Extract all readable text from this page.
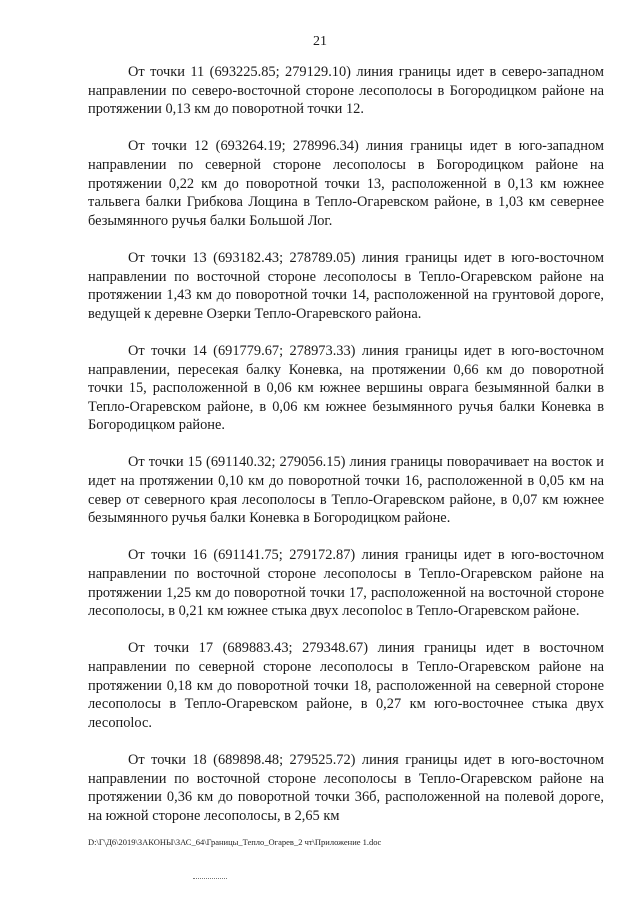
21

От точки 11 (693225.85; 279129.10) линия границы идет в северо-западном направлении по северо-восточной стороне лесополосы в Богородицком районе на протяжении 0,13 км до поворотной точки 12.

От точки 12 (693264.19; 278996.34) линия границы идет в юго-западном направлении по северной стороне лесополосы в Богородицком районе на протяжении 0,22 км до поворотной точки 13, расположенной в 0,13 км южнее тальвега балки Грибкова Лощина в Тепло-Огаревском районе, в 1,03 км севернее безымянного ручья балки Большой Лог.

От точки 13 (693182.43; 278789.05) линия границы идет в юго-восточном направлении по восточной стороне лесополосы в Тепло-Огаревском районе на протяжении 1,43 км до поворотной точки 14, расположенной на грунтовой дороге, ведущей к деревне Озерки Тепло-Огаревского района.

От точки 14 (691779.67; 278973.33) линия границы идет в юго-восточном направлении, пересекая балку Коневка, на протяжении 0,66 км до поворотной точки 15, расположенной в 0,06 км южнее вершины оврага безымянной балки в Тепло-Огаревском районе, в 0,06 км южнее безымянного ручья балки Коневка в Богородицком районе.

От точки 15 (691140.32; 279056.15) линия границы поворачивает на восток и идет на протяжении 0,10 км до поворотной точки 16, расположенной в 0,05 км на север от северного края лесополосы в Тепло-Огаревском районе, в 0,07 км южнее безымянного ручья балки Коневка в Богородицком районе.

От точки 16 (691141.75; 279172.87) линия границы идет в юго-восточном направлении по восточной стороне лесополосы в Тепло-Огаревском районе на протяжении 1,25 км до поворотной точки 17, расположенной на восточной стороне лесополосы, в 0,21 км южнее стыка двух лесопolос в Тепло-Огаревском районе.

От точки 17 (689883.43; 279348.67) линия границы идет в восточном направлении по северной стороне лесополосы в Тепло-Огаревском районе на протяжении 0,18 км до поворотной точки 18, расположенной на северной стороне лесополосы в Тепло-Огаревском районе, в 0,27 км юго-восточнее стыка двух лесопolос.

От точки 18 (689898.48; 279525.72) линия границы идет в юго-восточном направлении по восточной стороне лесополосы в Тепло-Огаревском районе на протяжении 0,36 км до поворотной точки 36б, расположенной на полевой дороге, на южной стороне лесополосы, в 2,65 км

D:\Г\Д6\2019\ЗАКОНЫ\ЗАС_64\Границы_Тепло_Огарев_2 чт\Приложение 1.doc
